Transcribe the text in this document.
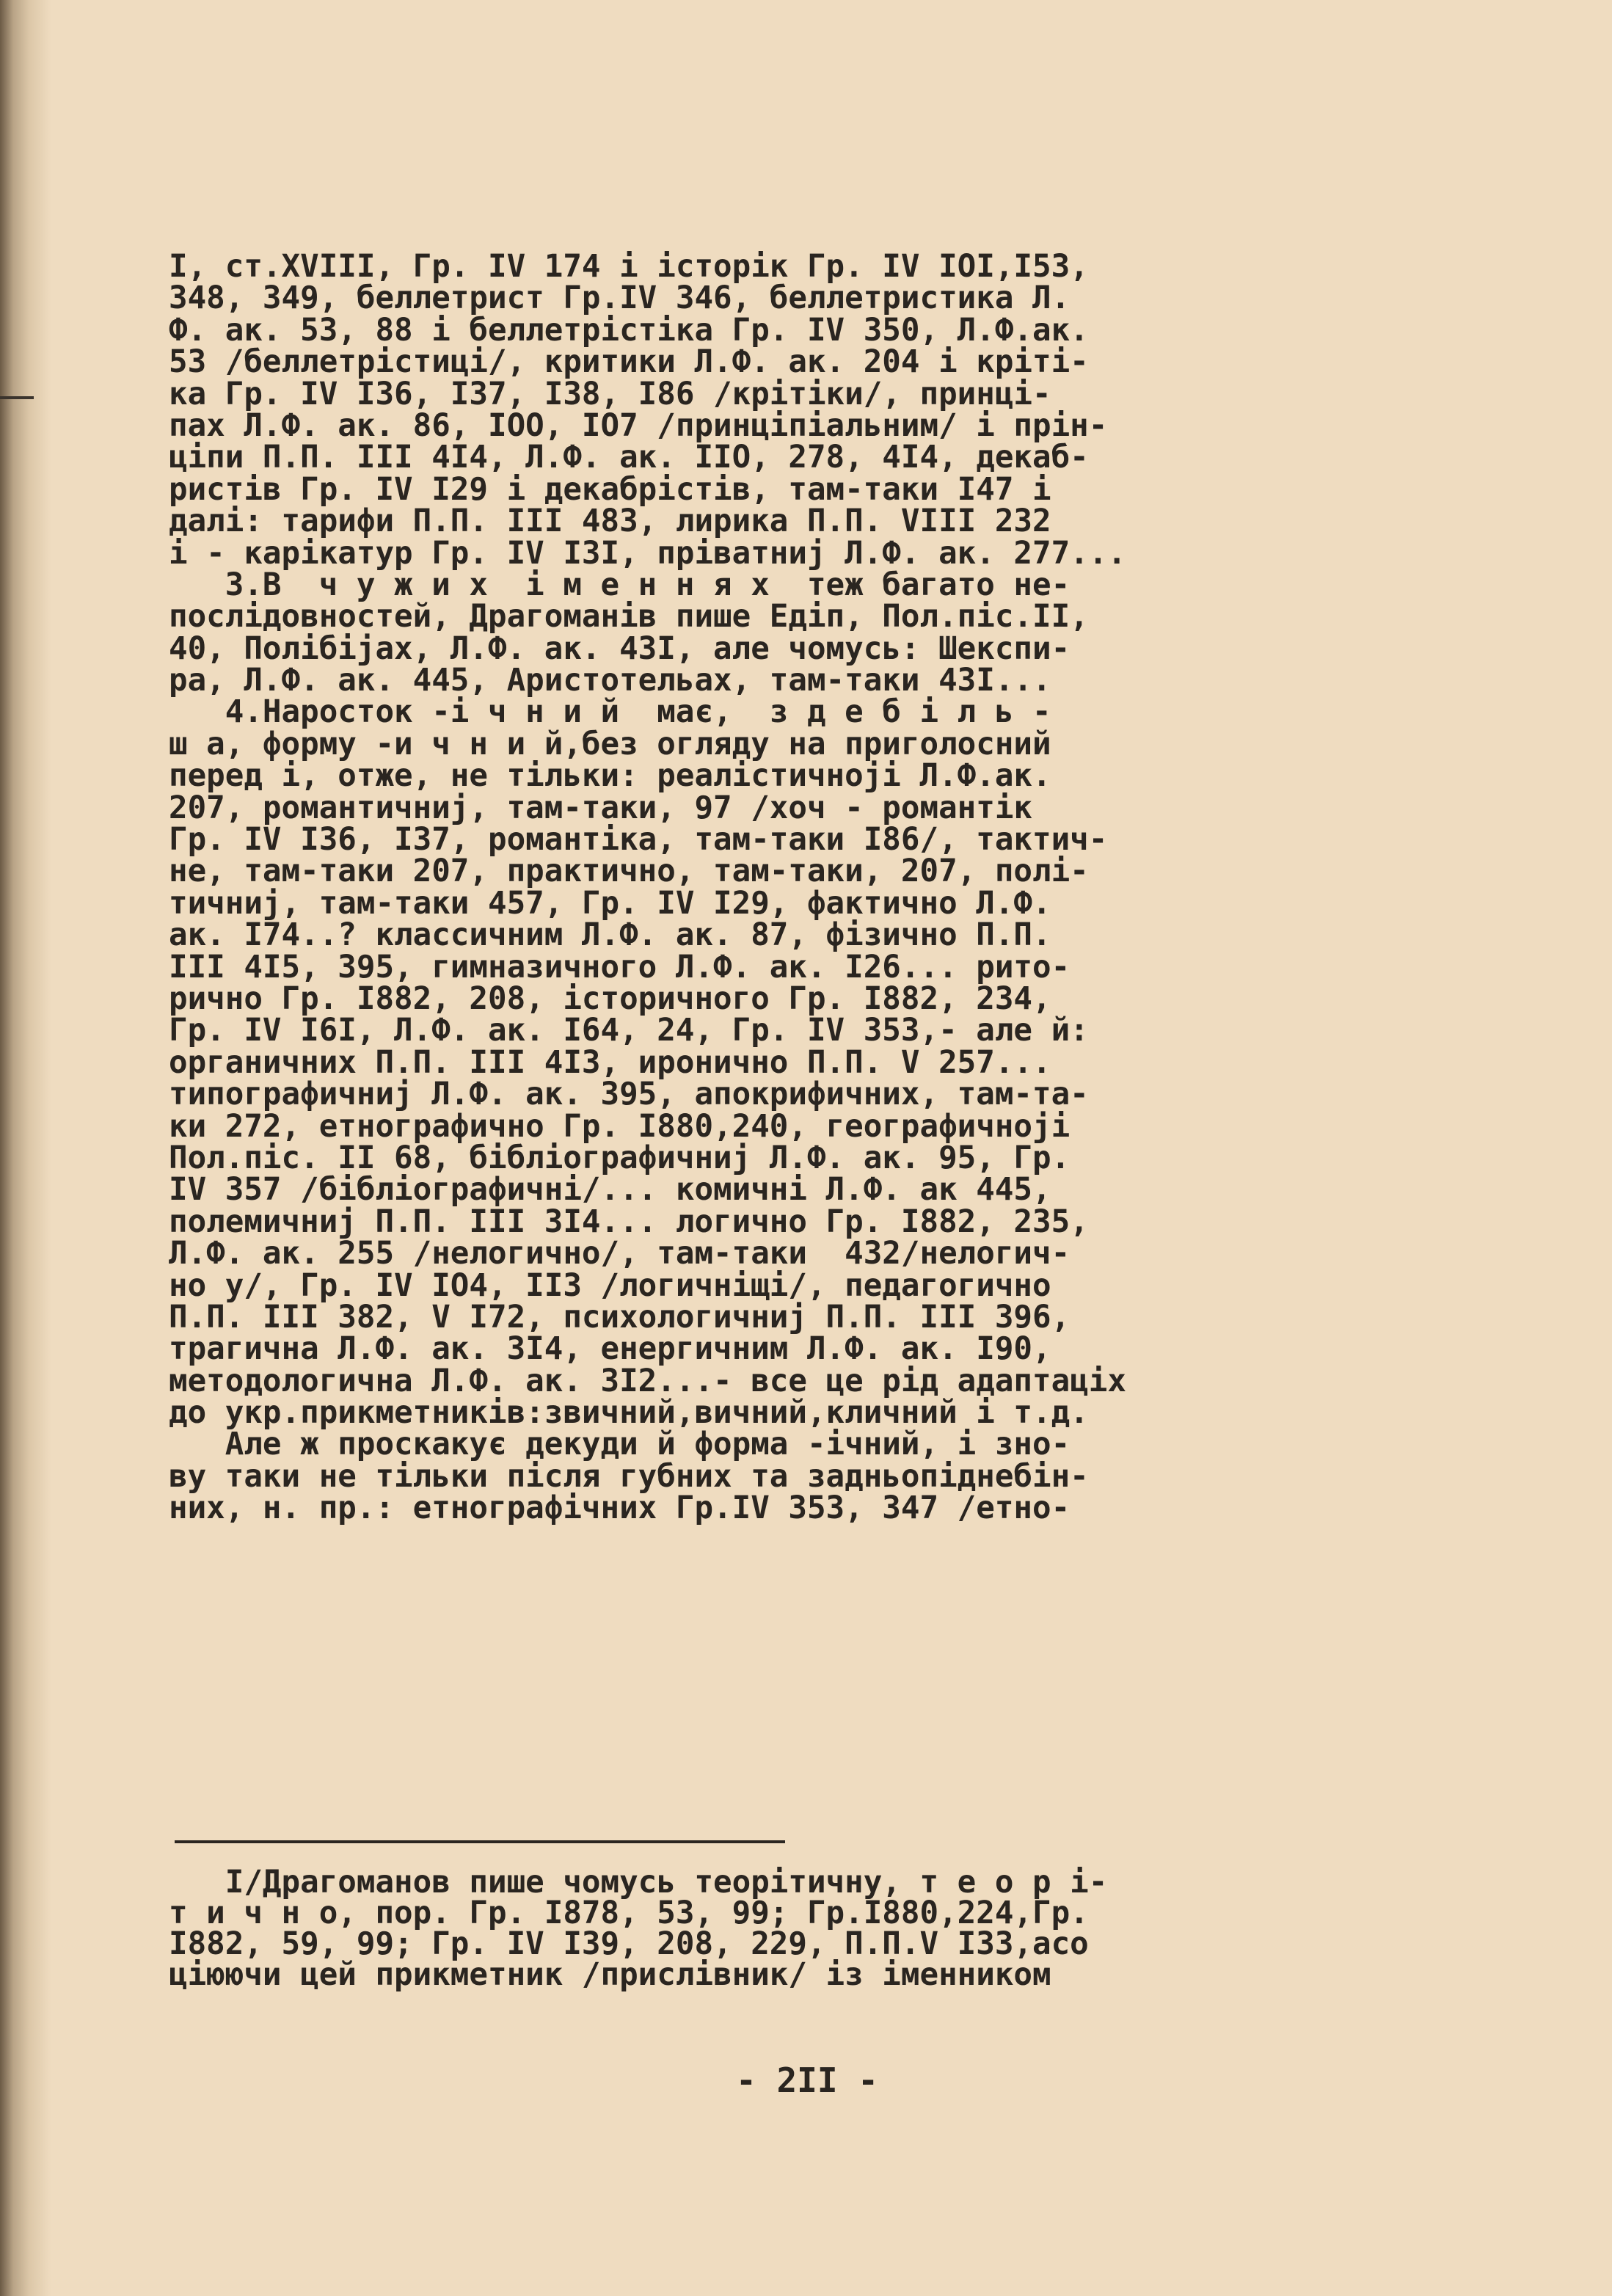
I, ст.XVIII, Гр. IV 174 і історік Гр. IV IOI,I53,
348, 349, беллетрист Гр.IV 346, беллетристика Л.
Ф. ак. 53, 88 і беллетрістіка Гр. IV 350, Л.Ф.ак.
53 /беллетрістиці/, критики Л.Ф. ак. 204 і крітi-
ка Гр. IV I36, I37, I38, I86 /крітіки/, принці-
пах Л.Ф. ак. 86, IOO, IO7 /принціпіальним/ і прін-
ціпи П.П. III 4I4, Л.Ф. ак. IIO, 278, 4I4, декаб-
ристів Гр. IV I29 і декабрістів, там-таки I47 і
далі: тарифи П.П. III 483, лирика П.П. VIII 232
і - карікатур Гр. IV I3I, пріватниj Л.Ф. ак. 277...
3.В  ч у ж и х  і м е н н я х  теж багато не-
послідовностей, Драгоманів пише Едіп, Пол.піс.II,
40, Полібіjах, Л.Ф. ак. 43I, але чомусь: Шекспи-
ра, Л.Ф. ак. 445, Аристотельах, там-таки 43I...
4.Наросток -і ч н и й  має,  з д е б і л ь -
ш а, форму -и ч н и й,без огляду на приголосний
перед і, отже, не тільки: реалістичноjі Л.Ф.ак.
207, романтичниj, там-таки, 97 /хоч - романтік
Гр. IV I36, I37, романтіка, там-таки I86/, тактич-
не, там-таки 207, практично, там-таки, 207, полі-
тичниj, там-таки 457, Гр. IV I29, фактично Л.Ф.
ак. I74..? классичним Л.Ф. ак. 87, фізично П.П.
III 4I5, 395, гимназичного Л.Ф. ак. I26... рито-
рично Гр. I882, 208, історичного Гр. I882, 234,
Гр. IV I6I, Л.Ф. ак. I64, 24, Гр. IV 353,- але й:
органичних П.П. III 4I3, иронично П.П. V 257...
типографичниj Л.Ф. ак. 395, апокрифичних, там-та-
ки 272, етнографично Гр. I880,240, географичноjі
Пол.піс. II 68, бібліографичниj Л.Ф. ак. 95, Гр.
IV 357 /бібліографичні/... комичні Л.Ф. ак 445,
полемичниj П.П. III 3I4... логично Гр. I882, 235,
Л.Ф. ак. 255 /нелогично/, там-таки  432/нелогич-
но у/, Гр. IV IO4, II3 /логичніщі/, педагогично
П.П. III 382, V I72, психологичниj П.П. III 396,
трагична Л.Ф. ак. 3I4, енергичним Л.Ф. ак. I90,
методологична Л.Ф. ак. 3I2...- все це рід адаптаціх
до укр.прикметників:звичний,вичний,кличний і т.д.
Але ж проскакує декуди й форма -ічний, і зно-
ву таки не тільки після губних та задньопіднебін-
них, н. пр.: етнографічних Гр.IV 353, 347 /етно-
I/Драгоманов пише чомусь теорітичну, т е о р і-
т и ч н о, пор. Гр. I878, 53, 99; Гр.I880,224,Гр.
I882, 59, 99; Гр. IV I39, 208, 229, П.П.V I33,асо
ціюючи цей прикметник /прислівник/ із іменником
- 2II -
